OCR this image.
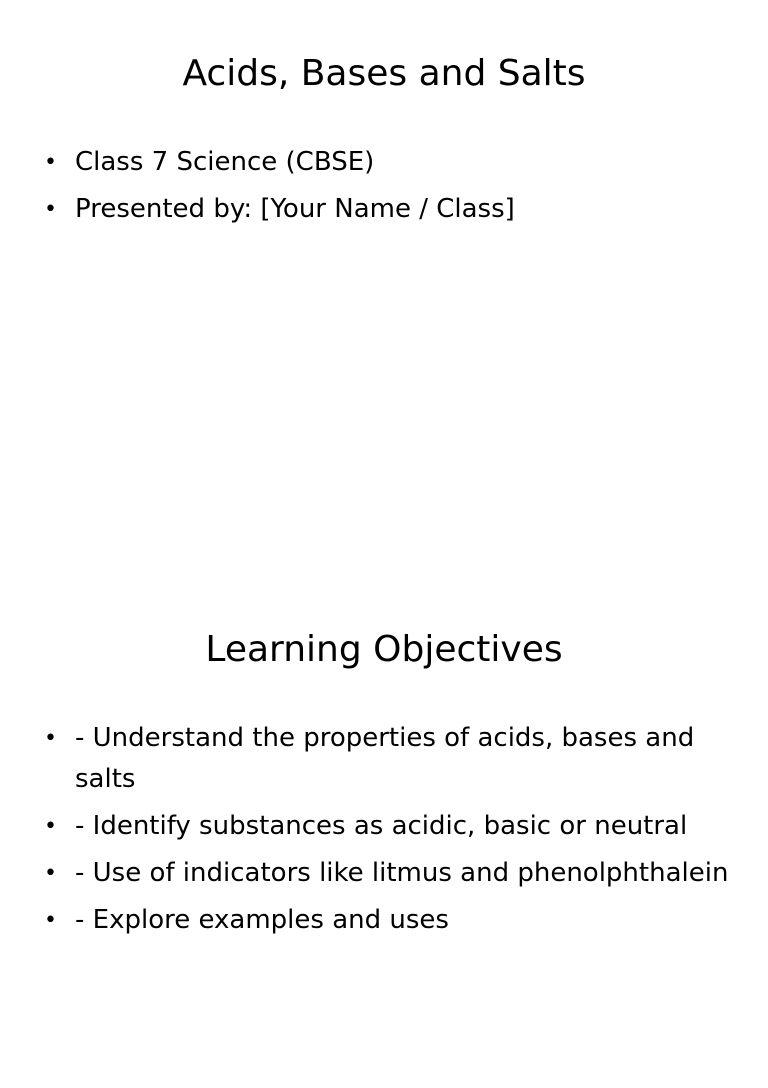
Acids, Bases and Salts
• Class 7 Science (CBSE)
• Presented by: [Your Name / Class]
Learning Objectives
• - Understand the properties of acids, bases and salts
• - Identify substances as acidic, basic or neutral
• - Use of indicators like litmus and phenolphthalein
• - Explore examples and uses
